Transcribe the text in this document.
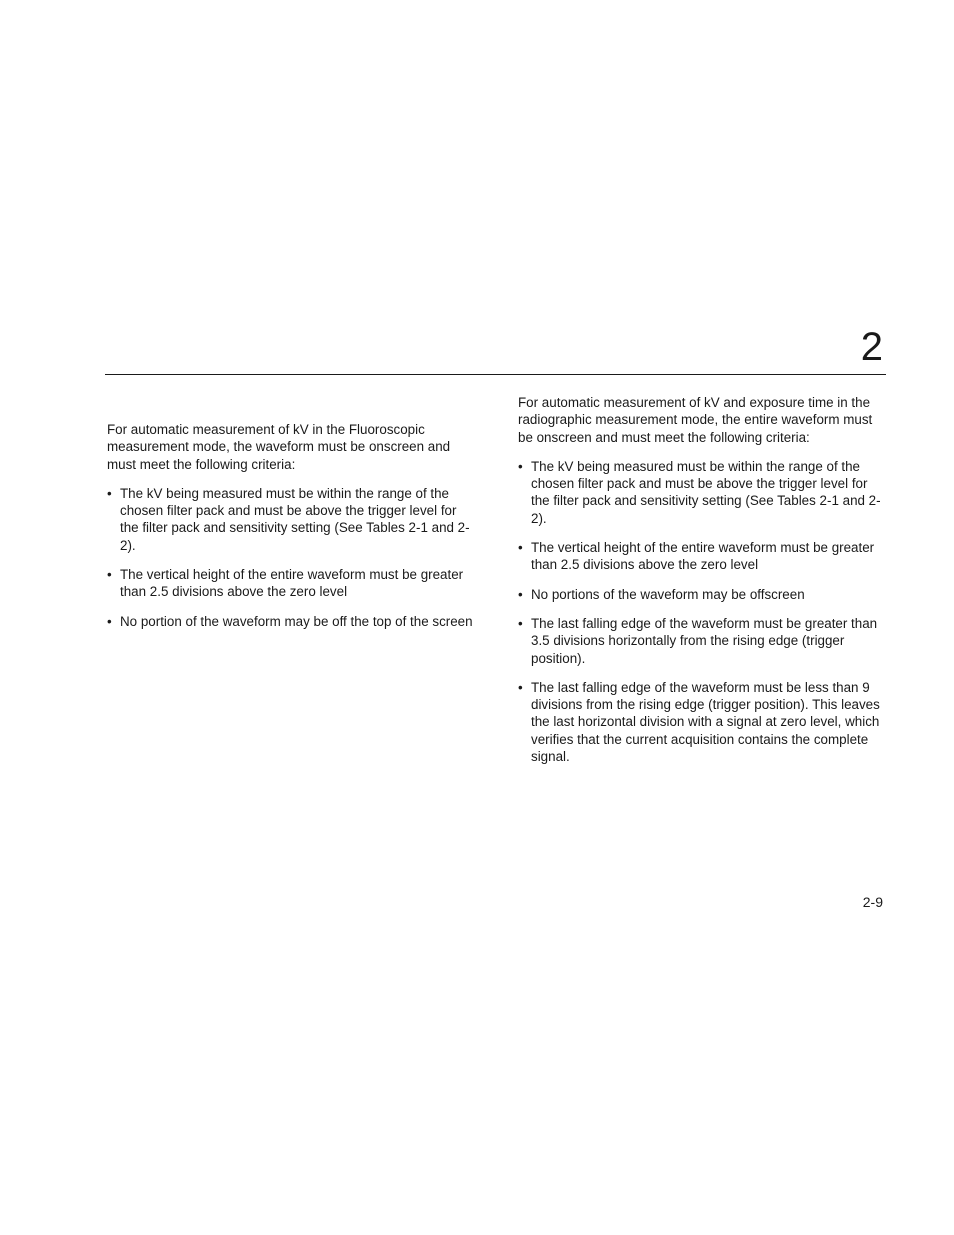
2

For automatic measurement of kV in the Fluoroscopic measurement mode, the waveform must be onscreen and must meet the following criteria:

• The kV being measured must be within the range of the chosen filter pack and must be above the trigger level for the filter pack and sensitivity setting (See Tables 2-1 and 2-2).
• The vertical height of the entire waveform must be greater than 2.5 divisions above the zero level
• No portion of the waveform may be off the top of the screen

For automatic measurement of kV and exposure time in the radiographic measurement mode, the entire waveform must be onscreen and must meet the following criteria:

• The kV being measured must be within the range of the chosen filter pack and must be above the trigger level for the filter pack and sensitivity setting (See Tables 2-1 and 2-2).
• The vertical height of the entire waveform must be greater than 2.5 divisions above the zero level
• No portions of the waveform may be offscreen
• The last falling edge of the waveform must be greater than 3.5 divisions horizontally from the rising edge (trigger position).
• The last falling edge of the waveform must be less than 9 divisions from the rising edge (trigger position). This leaves the last horizontal division with a signal at zero level, which verifies that the current acquisition contains the complete signal.
2-9
